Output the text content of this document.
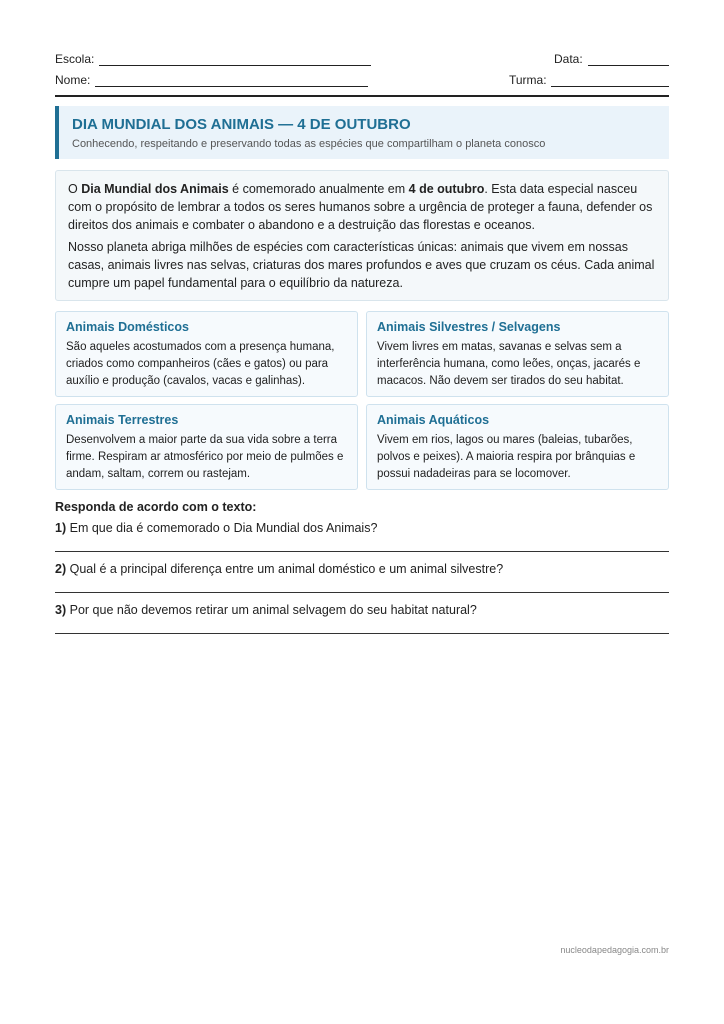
Escola:	Data:
Nome:	Turma:
DIA MUNDIAL DOS ANIMAIS — 4 DE OUTUBRO
Conhecendo, respeitando e preservando todas as espécies que compartilham o planeta conosco

O Dia Mundial dos Animais é comemorado anualmente em 4 de outubro. Esta data especial nasceu com o propósito de lembrar a todos os seres humanos sobre a urgência de proteger a fauna, defender os direitos dos animais e combater o abandono e a destruição das florestas e oceanos.

Nosso planeta abriga milhões de espécies com características únicas: animais que vivem em nossas casas, animais livres nas selvas, criaturas dos mares profundos e aves que cruzam os céus. Cada animal cumpre um papel fundamental para o equilíbrio da natureza.

Animais Domésticos
São aqueles acostumados com a presença humana, criados como companheiros (cães e gatos) ou para auxílio e produção (cavalos, vacas e galinhas).
Animais Silvestres / Selvagens
Vivem livres em matas, savanas e selvas sem a interferência humana, como leões, onças, jacarés e macacos. Não devem ser tirados do seu habitat.
Animais Terrestres
Desenvolvem a maior parte da sua vida sobre a terra firme. Respiram ar atmosférico por meio de pulmões e andam, saltam, correm ou rastejam.
Animais Aquáticos
Vivem em rios, lagos ou mares (baleias, tubarões, polvos e peixes). A maioria respira por brânquias e possui nadadeiras para se locomover.
Responda de acordo com o texto:
1) Em que dia é comemorado o Dia Mundial dos Animais?
2) Qual é a principal diferença entre um animal doméstico e um animal silvestre?
3) Por que não devemos retirar um animal selvagem do seu habitat natural?
nucleodapedagogia.com.br
